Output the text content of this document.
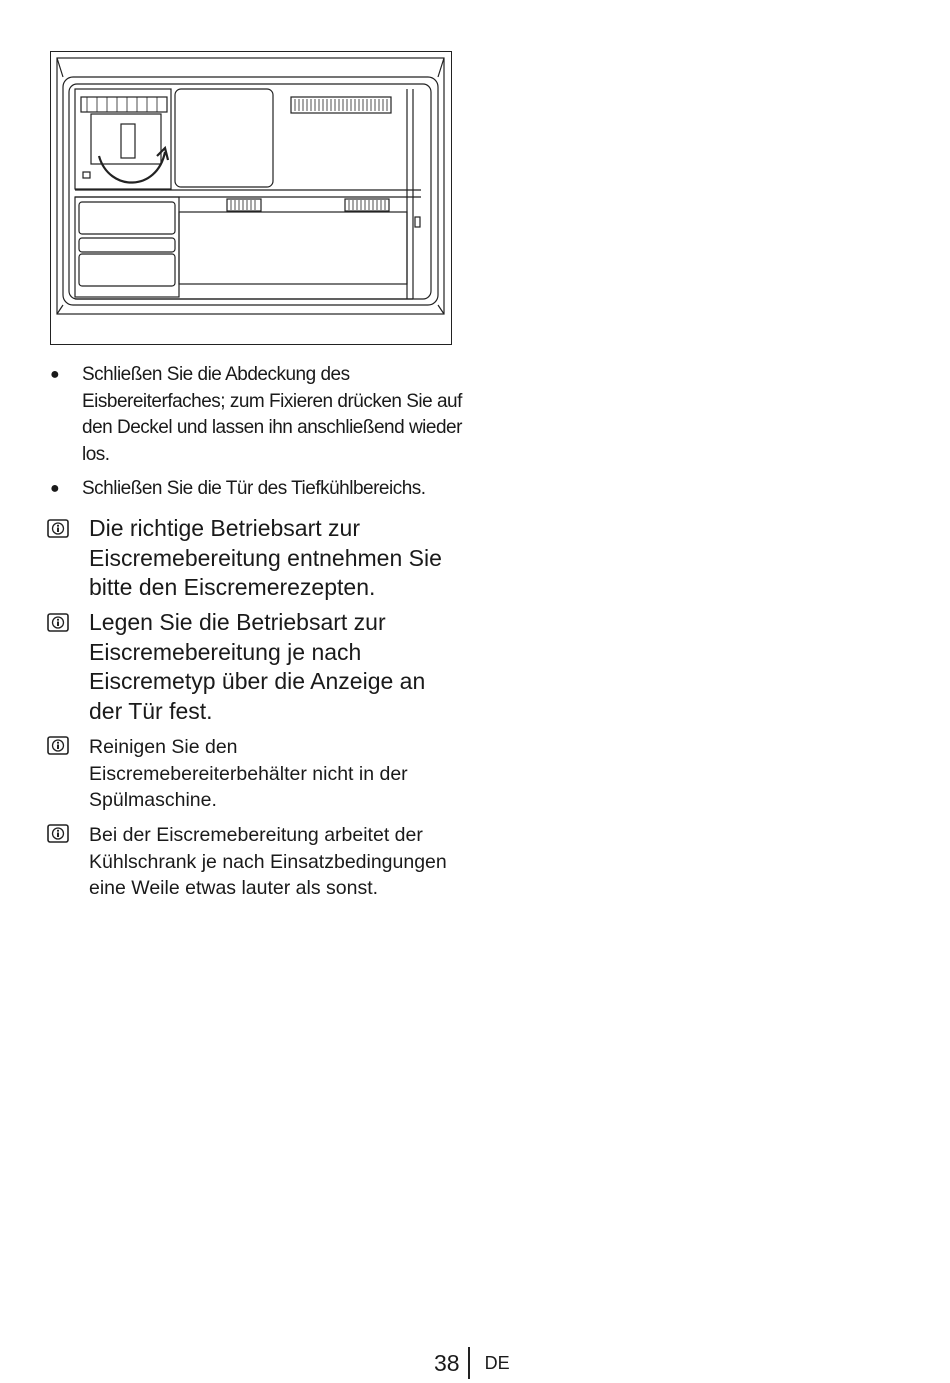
● Schließen Sie die Abdeckung des Eisbereiterfaches; zum Fixieren drücken Sie auf den Deckel und lassen ihn anschließend wieder los.
● Schließen Sie die Tür des Tiefkühlbereichs.
Die richtige Betriebsart zur Eiscremebereitung entnehmen Sie bitte den Eiscremerezepten.
Legen Sie die Betriebsart zur Eiscremebereitung je nach Eiscremetyp über die Anzeige an der Tür fest.
Reinigen Sie den Eiscremebereiterbehälter nicht in der Spülmaschine.
Bei der Eiscremebereitung arbeitet der Kühlschrank je nach Einsatzbedingungen eine Weile etwas lauter als sonst.
38 DE
